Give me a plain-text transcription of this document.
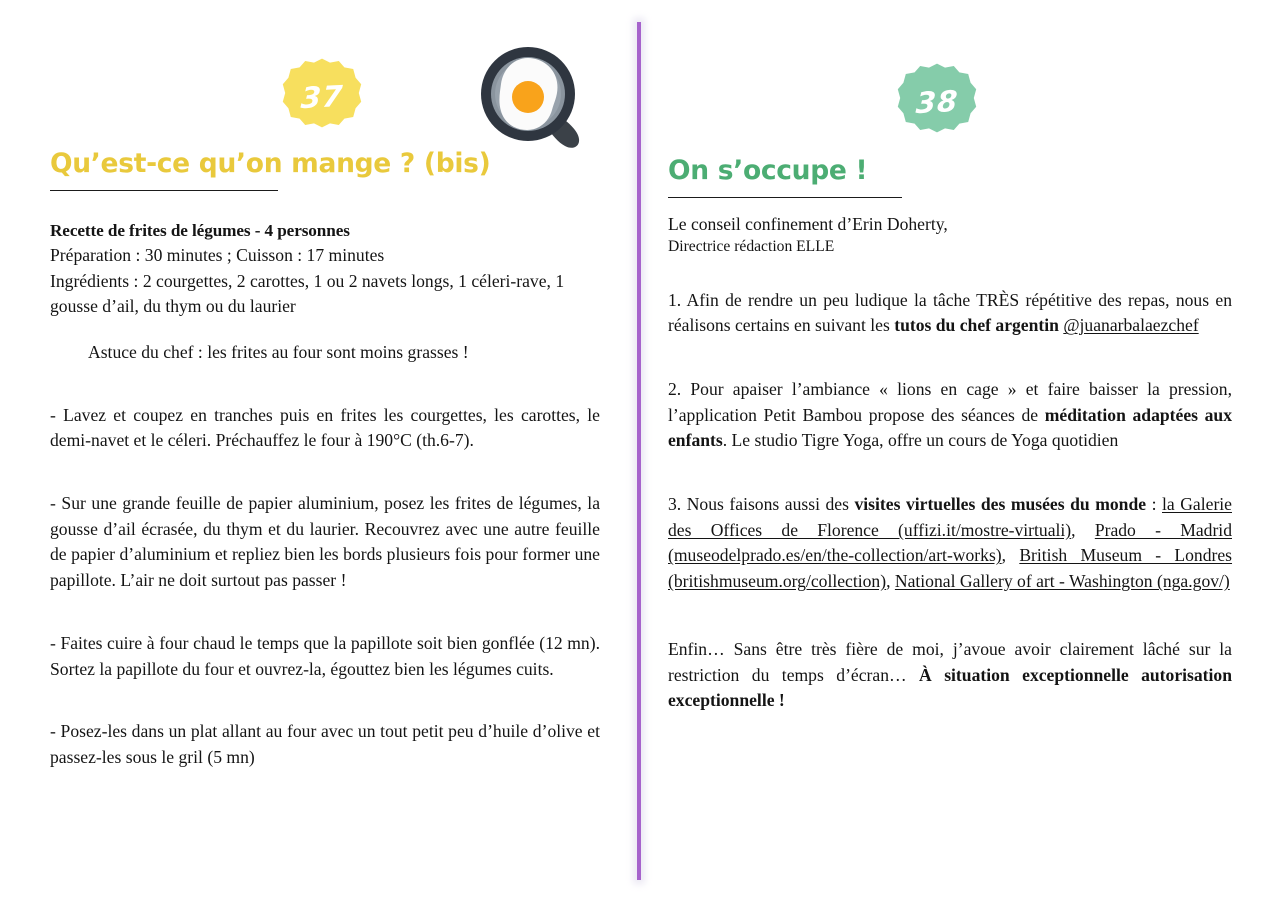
37
Qu’est-ce qu’on mange ? (bis)

Recette de frites de légumes - 4 personnes

Préparation : 30 minutes ; Cuisson : 17 minutes

Ingrédients : 2 courgettes, 2 carottes, 1 ou 2 navets longs, 1 céleri-rave, 1 gousse d’ail, du thym ou du laurier

Astuce du chef : les frites au four sont moins grasses !

- Lavez et coupez en tranches puis en frites les courgettes, les carottes, le demi-navet et le céleri. Préchauffez le four à 190°C (th.6-7).

- Sur une grande feuille de papier aluminium, posez les frites de légumes, la gousse d’ail écrasée, du thym et du laurier. Recouvrez avec une autre feuille de papier d’aluminium et repliez bien les bords plusieurs fois pour former une papillote. L’air ne doit surtout pas passer !

- Faites cuire à four chaud le temps que la papillote soit bien gonflée (12 mn). Sortez la papillote du four et ouvrez-la, égouttez bien les légumes cuits.

- Posez-les dans un plat allant au four avec un tout petit peu d’huile d’olive et passez-les sous le gril (5 mn)

38
On s’occupe !
Le conseil confinement d’Erin Doherty,
Directrice rédaction ELLE

1. Afin de rendre un peu ludique la tâche TRÈS répétitive des repas, nous en réalisons certains en suivant les tutos du chef argentin @juanarbalaezchef

2. Pour apaiser l’ambiance « lions en cage » et faire baisser la pression, l’application Petit Bambou propose des séances de méditation adaptées aux enfants. Le studio Tigre Yoga, offre un cours de Yoga quotidien

3. Nous faisons aussi des visites virtuelles des musées du monde : la Galerie des Offices de Florence (uffizi.it/mostre-virtuali), Prado - Madrid (museodelprado.es/en/the-collection/art-works), British Museum - Londres (britishmuseum.org/collection), National Gallery of art - Washington (nga.gov/)

Enfin… Sans être très fière de moi, j’avoue avoir clairement lâché sur la restriction du temps d’écran… À situation exceptionnelle autorisation exceptionnelle !
